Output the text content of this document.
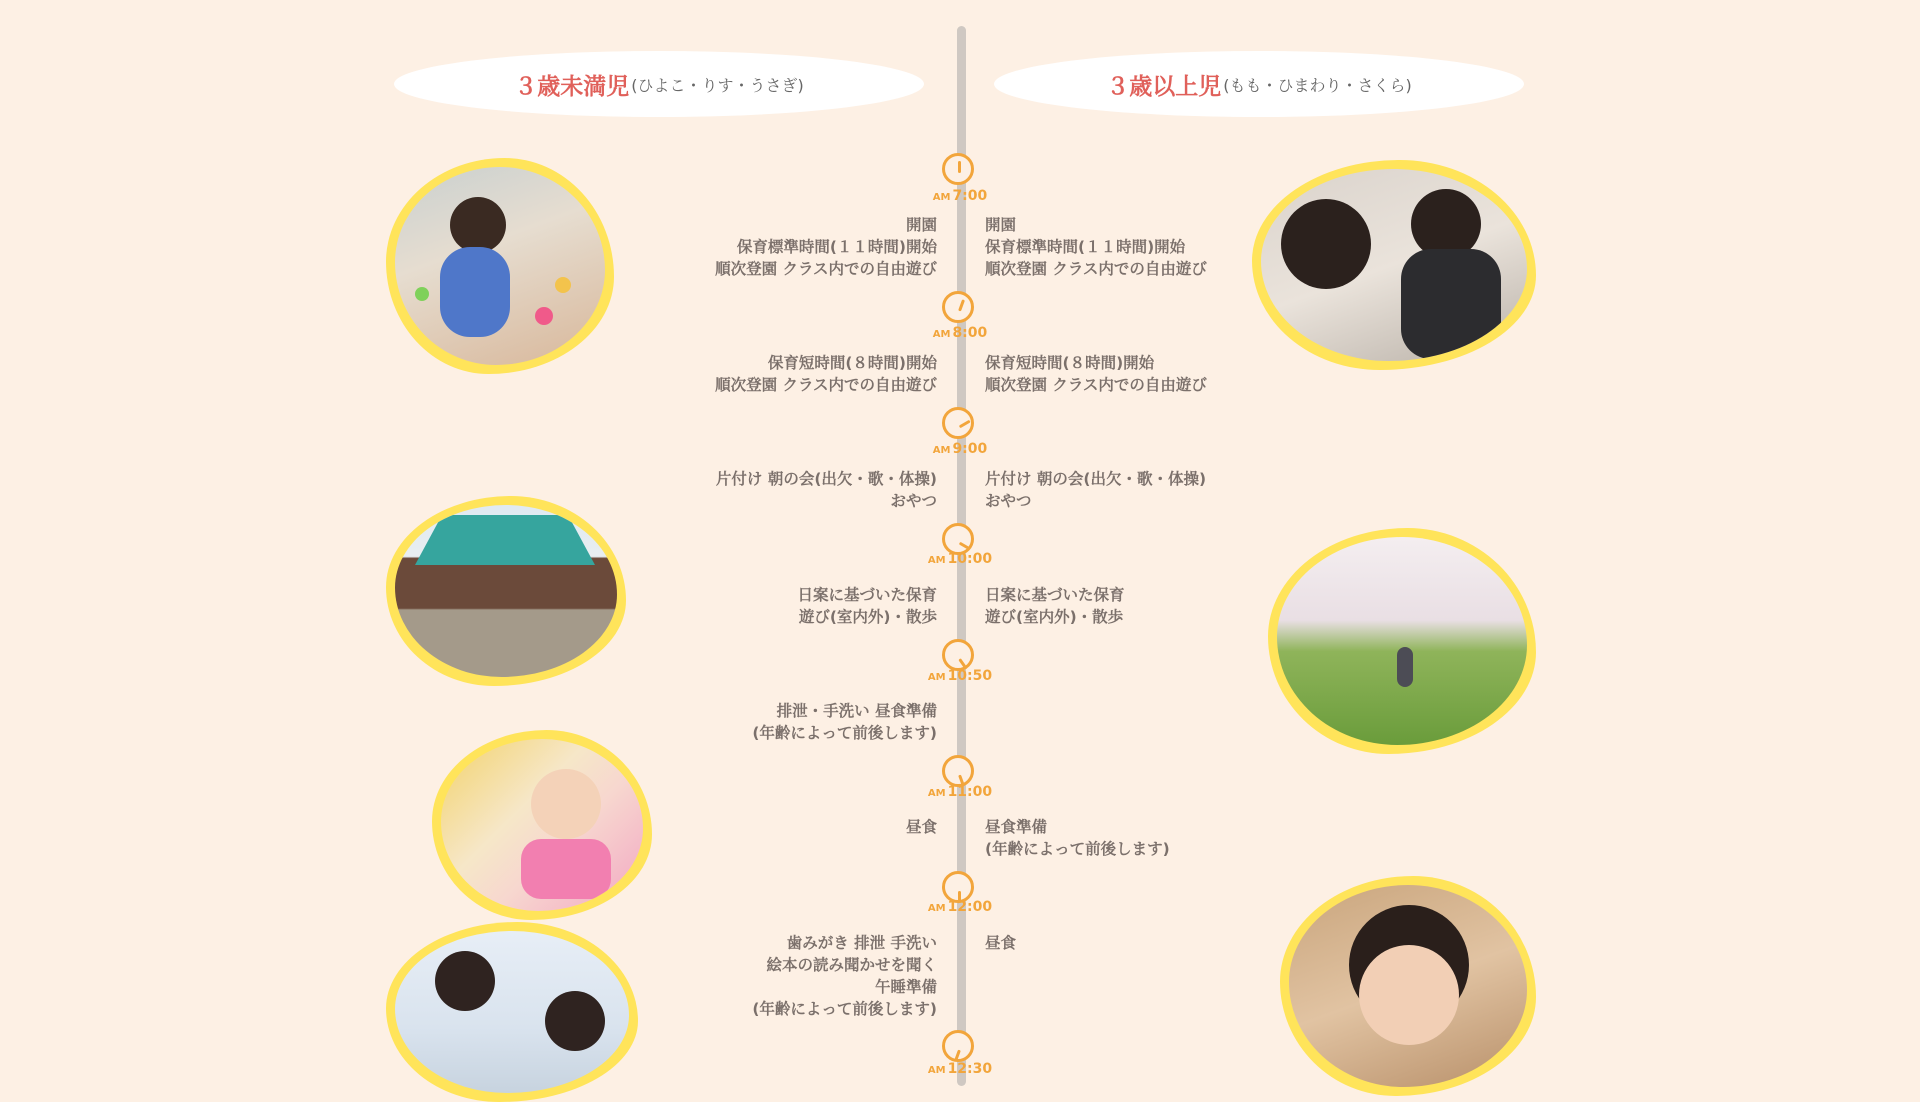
３歳未満児 (ひよこ・りす・うさぎ)	３歳以上児 (もも・ひまわり・さくら)
AM 7:00
開園
保育標準時間(１１時間)開始
順次登園 クラス内での自由遊び
開園
保育標準時間(１１時間)開始
順次登園 クラス内での自由遊び
AM 8:00
保育短時間(８時間)開始
順次登園 クラス内での自由遊び
保育短時間(８時間)開始
順次登園 クラス内での自由遊び
AM 9:00
片付け 朝の会(出欠・歌・体操)
おやつ
片付け 朝の会(出欠・歌・体操)
おやつ
AM 10:00
日案に基づいた保育
遊び(室内外)・散歩
日案に基づいた保育
遊び(室内外)・散歩
AM 10:50
排泄・手洗い 昼食準備
(年齢によって前後します)
AM 11:00
昼食	昼食準備
(年齢によって前後します)
AM 12:00
歯みがき 排泄 手洗い
絵本の読み聞かせを聞く
午睡準備
(年齢によって前後します)
昼食
AM 12:30
